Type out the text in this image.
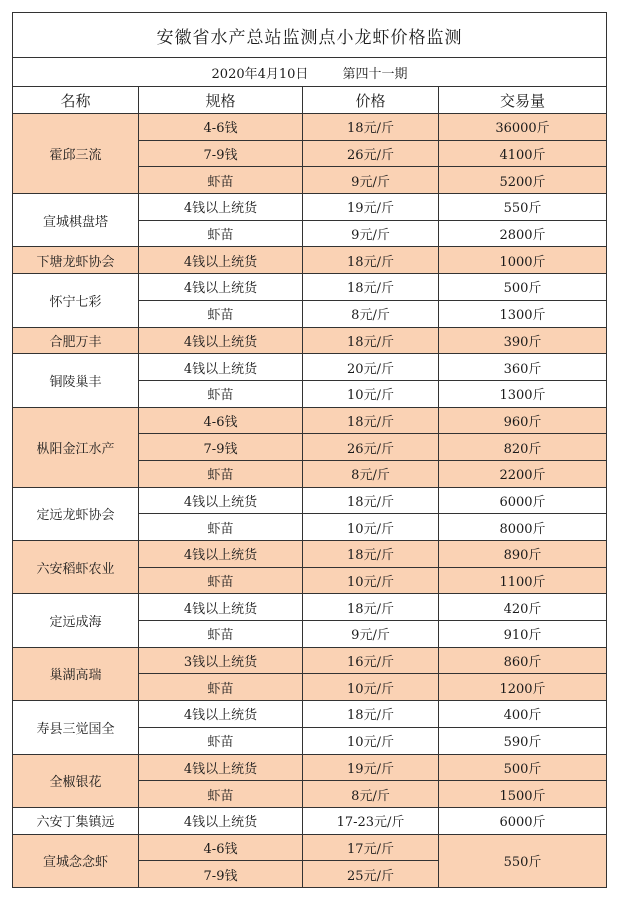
安徽省水产总站监测点小龙虾价格监测			
2020年4月10日 第四十一期			
名称	规格	价格	交易量
霍邱三流	4-6钱	18元/斤	36000斤
	7-9钱	26元/斤	4100斤
	虾苗	9元/斤	5200斤
宣城棋盘塔	4钱以上统货	19元/斤	550斤
	虾苗	9元/斤	2800斤
下塘龙虾协会	4钱以上统货	18元/斤	1000斤
怀宁七彩	4钱以上统货	18元/斤	500斤
	虾苗	8元/斤	1300斤
合肥万丰	4钱以上统货	18元/斤	390斤
铜陵巢丰	4钱以上统货	20元/斤	360斤
	虾苗	10元/斤	1300斤
枞阳金江水产	4-6钱	18元/斤	960斤
	7-9钱	26元/斤	820斤
	虾苗	8元/斤	2200斤
定远龙虾协会	4钱以上统货	18元/斤	6000斤
	虾苗	10元/斤	8000斤
六安稻虾农业	4钱以上统货	18元/斤	890斤
	虾苗	10元/斤	1100斤
定远成海	4钱以上统货	18元/斤	420斤
	虾苗	9元/斤	910斤
巢湖高瑞	3钱以上统货	16元/斤	860斤
	虾苗	10元/斤	1200斤
寿县三觉国全	4钱以上统货	18元/斤	400斤
	虾苗	10元/斤	590斤
全椒银花	4钱以上统货	19元/斤	500斤
	虾苗	8元/斤	1500斤
六安丁集镇远	4钱以上统货	17-23元/斤	6000斤
宣城念念虾	4-6钱	17元/斤	550斤
	7-9钱	25元/斤	
